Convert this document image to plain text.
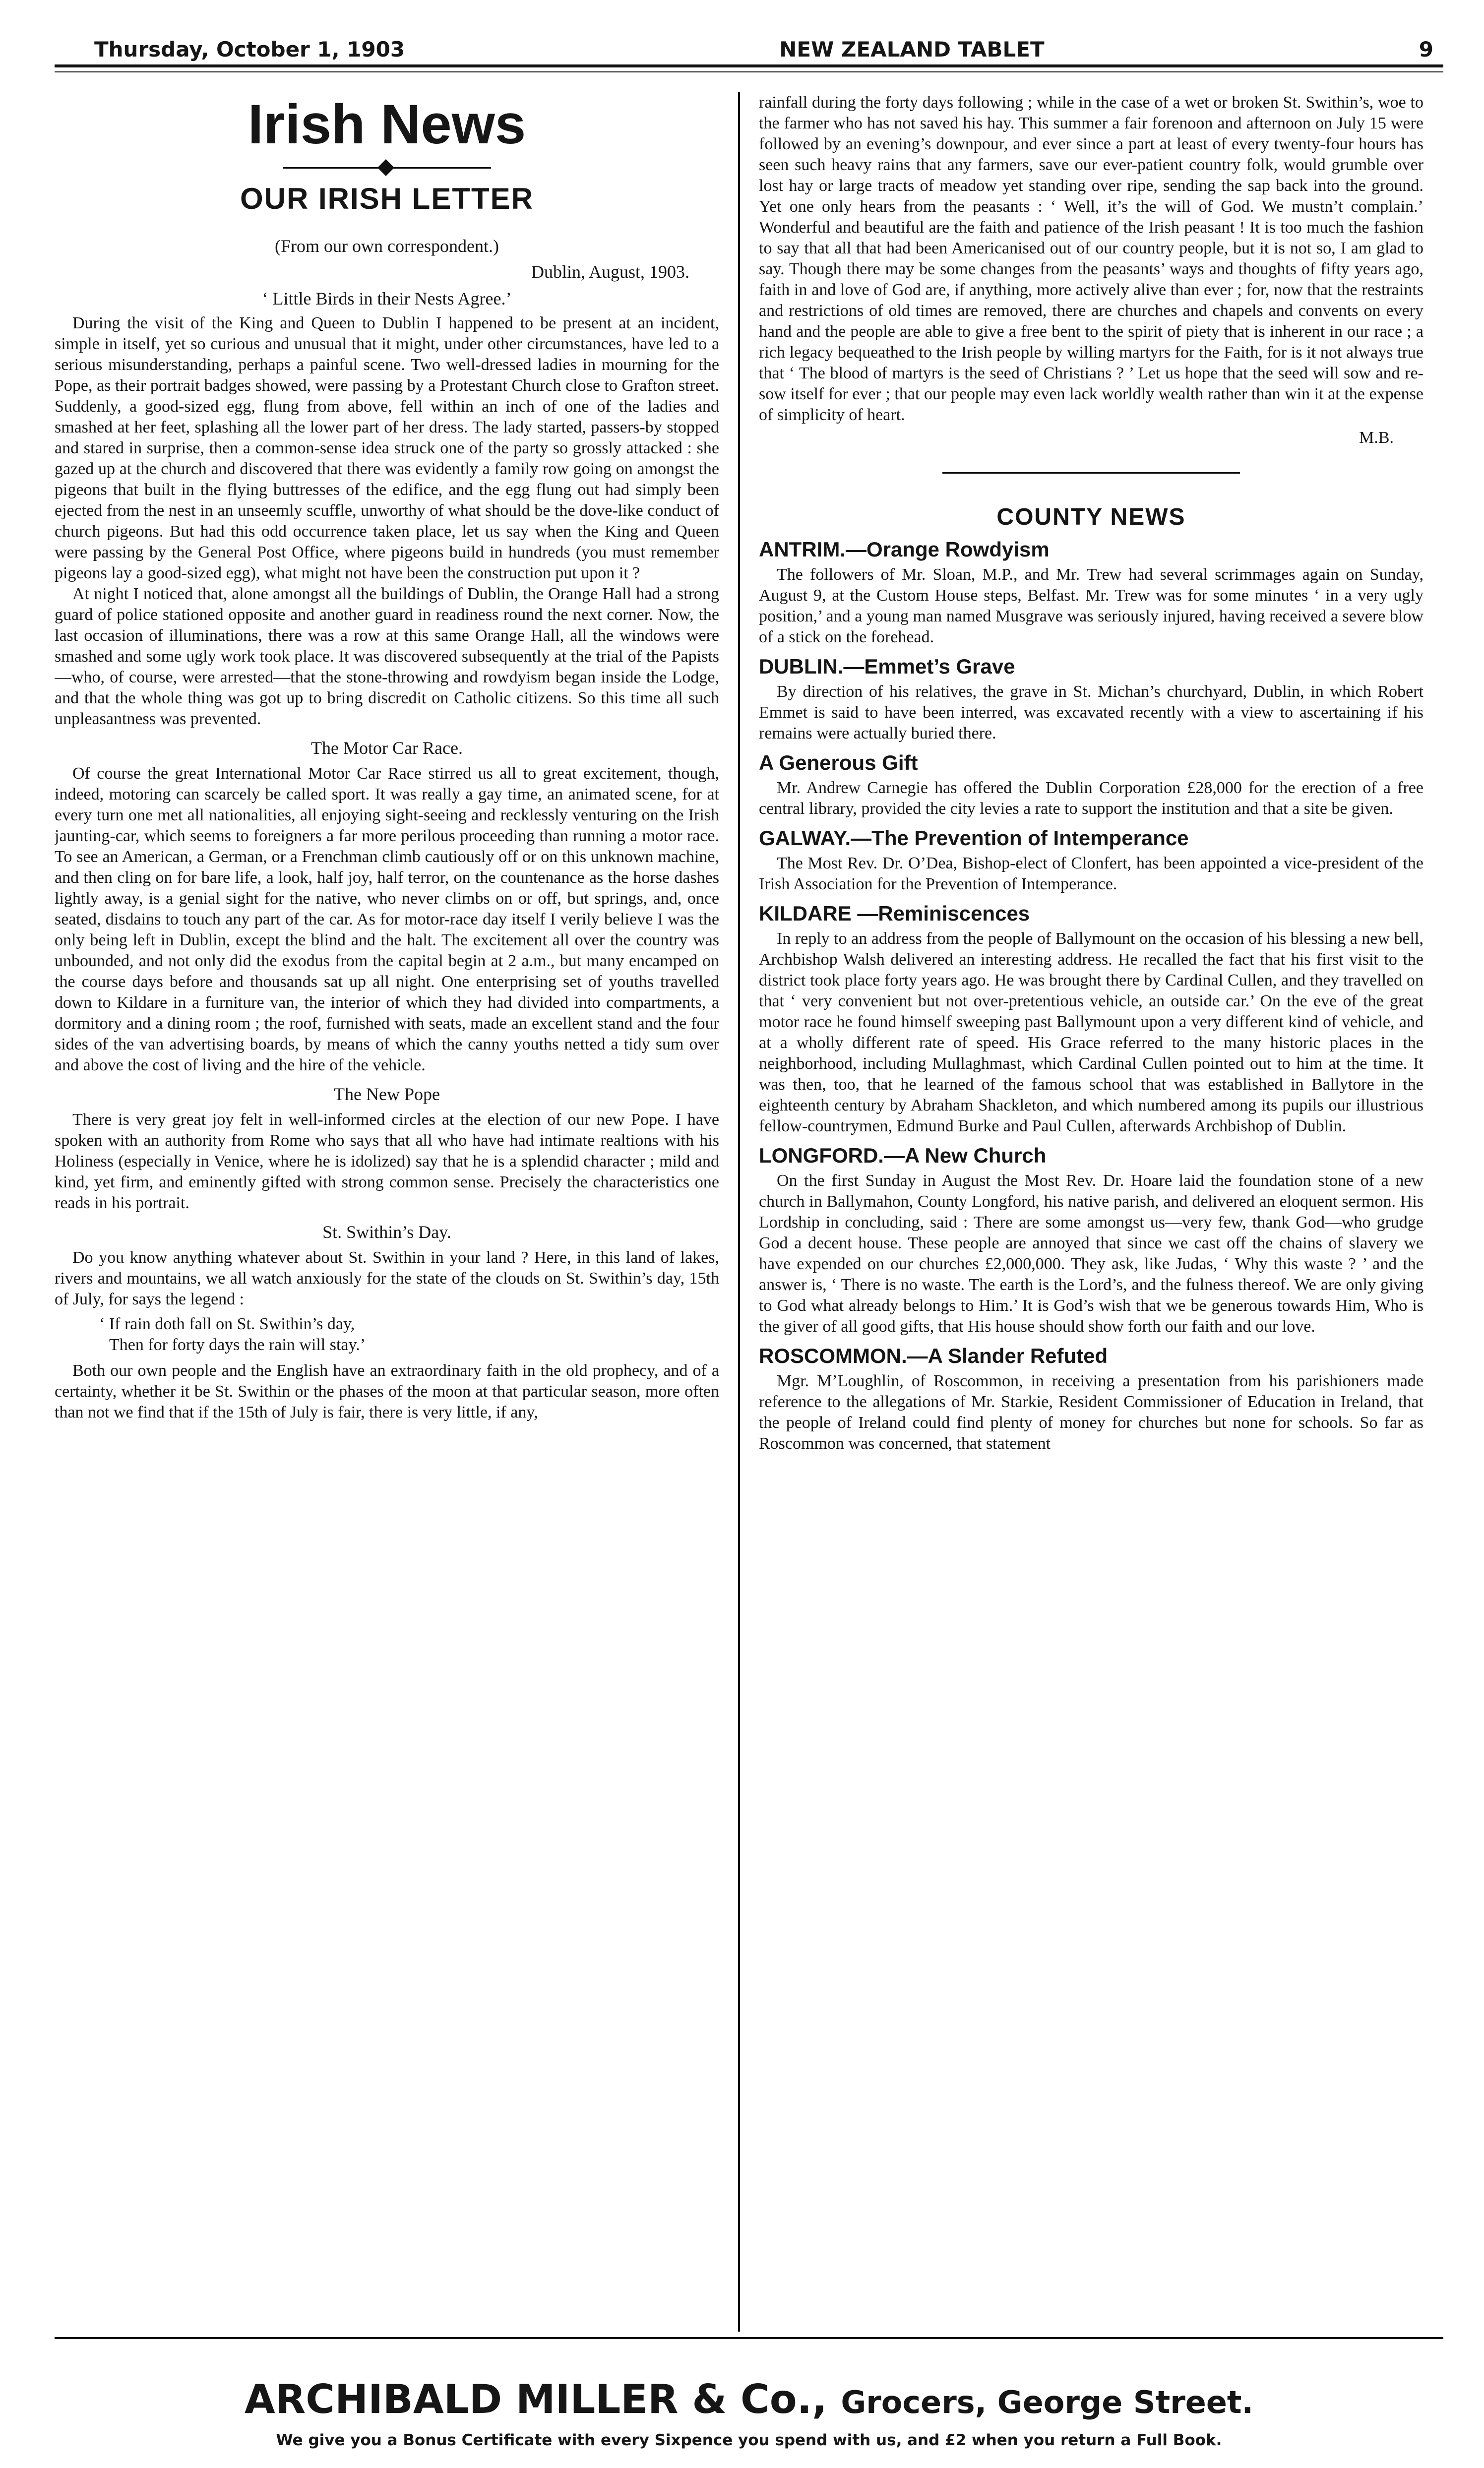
Thursday, October 1, 1903	NEW ZEALAND TABLET	9
Irish News
OUR IRISH LETTER
(From our own correspondent.)
Dublin, August, 1903.
‘ Little Birds in their Nests Agree.’

During the visit of the King and Queen to Dublin I happened to be present at an incident, simple in itself, yet so curious and unusual that it might, under other circumstances, have led to a serious misunderstanding, perhaps a painful scene. Two well-dressed ladies in mourning for the Pope, as their portrait badges showed, were passing by a Protestant Church close to Grafton street. Suddenly, a good-sized egg, flung from above, fell within an inch of one of the ladies and smashed at her feet, splashing all the lower part of her dress. The lady started, passers-by stopped and stared in surprise, then a common-sense idea struck one of the party so grossly attacked : she gazed up at the church and discovered that there was evidently a family row going on amongst the pigeons that built in the flying buttresses of the edifice, and the egg flung out had simply been ejected from the nest in an unseemly scuffle, unworthy of what should be the dove-like conduct of church pigeons. But had this odd occurrence taken place, let us say when the King and Queen were passing by the General Post Office, where pigeons build in hundreds (you must remember pigeons lay a good-sized egg), what might not have been the construction put upon it ?

At night I noticed that, alone amongst all the buildings of Dublin, the Orange Hall had a strong guard of police stationed opposite and another guard in readiness round the next corner. Now, the last occasion of illuminations, there was a row at this same Orange Hall, all the windows were smashed and some ugly work took place. It was discovered subsequently at the trial of the Papists—who, of course, were arrested—that the stone-throwing and rowdyism began inside the Lodge, and that the whole thing was got up to bring discredit on Catholic citizens. So this time all such unpleasantness was prevented.

The Motor Car Race.

Of course the great International Motor Car Race stirred us all to great excitement, though, indeed, motoring can scarcely be called sport. It was really a gay time, an animated scene, for at every turn one met all nationalities, all enjoying sight-seeing and recklessly venturing on the Irish jaunting-car, which seems to foreigners a far more perilous proceeding than running a motor race. To see an American, a German, or a Frenchman climb cautiously off or on this unknown machine, and then cling on for bare life, a look, half joy, half terror, on the countenance as the horse dashes lightly away, is a genial sight for the native, who never climbs on or off, but springs, and, once seated, disdains to touch any part of the car. As for motor-race day itself I verily believe I was the only being left in Dublin, except the blind and the halt. The excitement all over the country was unbounded, and not only did the exodus from the capital begin at 2 a.m., but many encamped on the course days before and thousands sat up all night. One enterprising set of youths travelled down to Kildare in a furniture van, the interior of which they had divided into compartments, a dormitory and a dining room ; the roof, furnished with seats, made an excellent stand and the four sides of the van advertising boards, by means of which the canny youths netted a tidy sum over and above the cost of living and the hire of the vehicle.

The New Pope

There is very great joy felt in well-informed circles at the election of our new Pope. I have spoken with an authority from Rome who says that all who have had intimate realtions with his Holiness (especially in Venice, where he is idolized) say that he is a splendid character ; mild and kind, yet firm, and eminently gifted with strong common sense. Precisely the characteristics one reads in his portrait.

St. Swithin’s Day.

Do you know anything whatever about St. Swithin in your land ? Here, in this land of lakes, rivers and mountains, we all watch anxiously for the state of the clouds on St. Swithin’s day, 15th of July, for says the legend :

‘ If rain doth fall on St. Swithin’s day,
Then for forty days the rain will stay.’

Both our own people and the English have an extraordinary faith in the old prophecy, and of a certainty, whether it be St. Swithin or the phases of the moon at that particular season, more often than not we find that if the 15th of July is fair, there is very little, if any,

rainfall during the forty days following ; while in the case of a wet or broken St. Swithin’s, woe to the farmer who has not saved his hay. This summer a fair forenoon and afternoon on July 15 were followed by an evening’s downpour, and ever since a part at least of every twenty-four hours has seen such heavy rains that any farmers, save our ever-patient country folk, would grumble over lost hay or large tracts of meadow yet standing over ripe, sending the sap back into the ground. Yet one only hears from the peasants : ‘ Well, it’s the will of God. We mustn’t complain.’ Wonderful and beautiful are the faith and patience of the Irish peasant ! It is too much the fashion to say that all that had been Americanised out of our country people, but it is not so, I am glad to say. Though there may be some changes from the peasants’ ways and thoughts of fifty years ago, faith in and love of God are, if anything, more actively alive than ever ; for, now that the restraints and restrictions of old times are removed, there are churches and chapels and convents on every hand and the people are able to give a free bent to the spirit of piety that is inherent in our race ; a rich legacy bequeathed to the Irish people by willing martyrs for the Faith, for is it not always true that ‘ The blood of martyrs is the seed of Christians ? ’ Let us hope that the seed will sow and re-sow itself for ever ; that our people may even lack worldly wealth rather than win it at the expense of simplicity of heart.

M.B.
COUNTY NEWS
ANTRIM.—Orange Rowdyism

The followers of Mr. Sloan, M.P., and Mr. Trew had several scrimmages again on Sunday, August 9, at the Custom House steps, Belfast. Mr. Trew was for some minutes ‘ in a very ugly position,’ and a young man named Musgrave was seriously injured, having received a severe blow of a stick on the forehead.

DUBLIN.—Emmet’s Grave

By direction of his relatives, the grave in St. Michan’s churchyard, Dublin, in which Robert Emmet is said to have been interred, was excavated recently with a view to ascertaining if his remains were actually buried there.

A Generous Gift

Mr. Andrew Carnegie has offered the Dublin Corporation £28,000 for the erection of a free central library, provided the city levies a rate to support the institution and that a site be given.

GALWAY.—The Prevention of Intemperance

The Most Rev. Dr. O’Dea, Bishop-elect of Clonfert, has been appointed a vice-president of the Irish Association for the Prevention of Intemperance.

KILDARE —Reminiscences

In reply to an address from the people of Ballymount on the occasion of his blessing a new bell, Archbishop Walsh delivered an interesting address. He recalled the fact that his first visit to the district took place forty years ago. He was brought there by Cardinal Cullen, and they travelled on that ‘ very convenient but not over-pretentious vehicle, an outside car.’ On the eve of the great motor race he found himself sweeping past Ballymount upon a very different kind of vehicle, and at a wholly different rate of speed. His Grace referred to the many historic places in the neighborhood, including Mullaghmast, which Cardinal Cullen pointed out to him at the time. It was then, too, that he learned of the famous school that was established in Ballytore in the eighteenth century by Abraham Shackleton, and which numbered among its pupils our illustrious fellow-countrymen, Edmund Burke and Paul Cullen, afterwards Archbishop of Dublin.

LONGFORD.—A New Church

On the first Sunday in August the Most Rev. Dr. Hoare laid the foundation stone of a new church in Ballymahon, County Longford, his native parish, and delivered an eloquent sermon. His Lordship in concluding, said : There are some amongst us—very few, thank God—who grudge God a decent house. These people are annoyed that since we cast off the chains of slavery we have expended on our churches £2,000,000. They ask, like Judas, ‘ Why this waste ? ’ and the answer is, ‘ There is no waste. The earth is the Lord’s, and the fulness thereof. We are only giving to God what already belongs to Him.’ It is God’s wish that we be generous towards Him, Who is the giver of all good gifts, that His house should show forth our faith and our love.

ROSCOMMON.—A Slander Refuted

Mgr. M’Loughlin, of Roscommon, in receiving a presentation from his parishioners made reference to the allegations of Mr. Starkie, Resident Commissioner of Education in Ireland, that the people of Ireland could find plenty of money for churches but none for schools. So far as Roscommon was concerned, that statement

ARCHIBALD MILLER & Co., Grocers, George Street.
We give you a Bonus Certificate with every Sixpence you spend with us, and £2 when you return a Full Book.
